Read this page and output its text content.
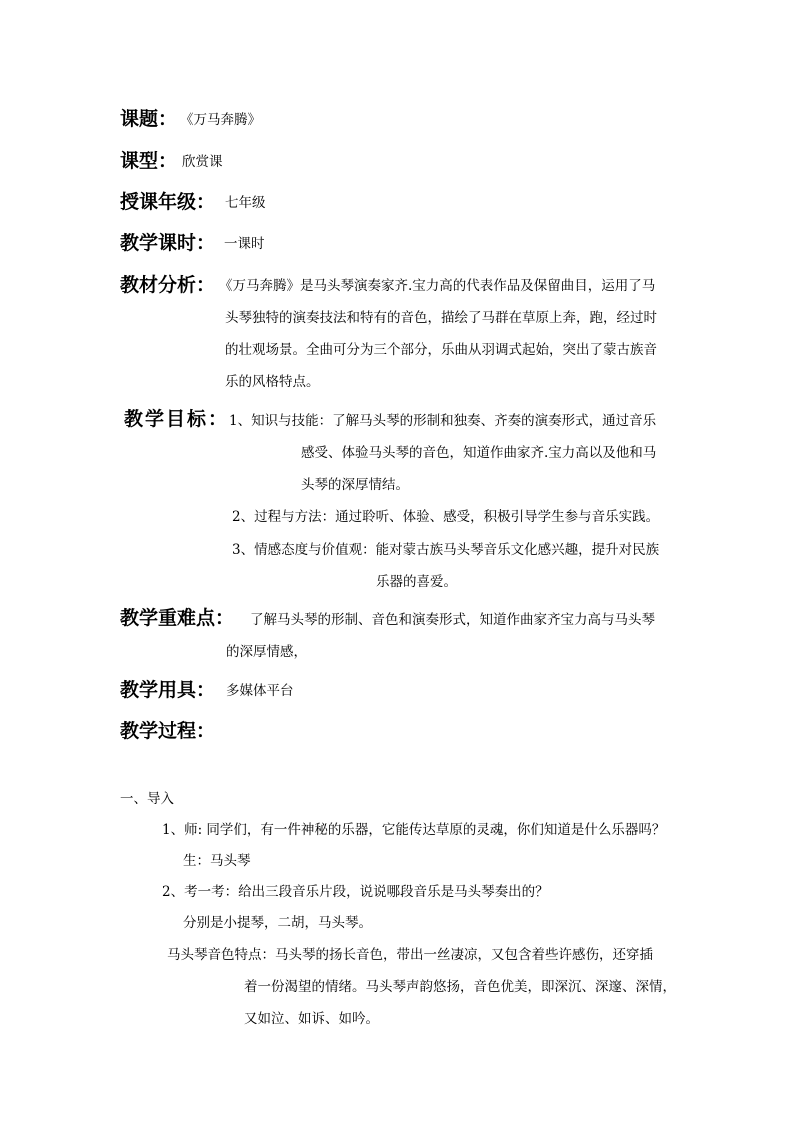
课题： 《万马奔腾》
课型： 欣赏课
授课年级： 七年级
教学课时： 一课时
教材分析： 《万马奔腾》是马头琴演奏家齐.宝力高的代表作品及保留曲目，运用了马
头琴独特的演奏技法和特有的音色，描绘了马群在草原上奔，跑，经过时
的壮观场景。全曲可分为三个部分，乐曲从羽调式起始，突出了蒙古族音
乐的风格特点。
教学目标： 1、知识与技能：了解马头琴的形制和独奏、齐奏的演奏形式，通过音乐
感受、体验马头琴的音色，知道作曲家齐.宝力高以及他和马
头琴的深厚情结。
2、过程与方法：通过聆听、体验、感受，积极引导学生参与音乐实践。
3、情感态度与价值观：能对蒙古族马头琴音乐文化感兴趣，提升对民族
乐器的喜爱。
教学重难点： 了解马头琴的形制、音色和演奏形式，知道作曲家齐宝力高与马头琴
的深厚情感，
教学用具： 多媒体平台
教学过程：
一、导入
1、师: 同学们，有一件神秘的乐器，它能传达草原的灵魂，你们知道是什么乐器吗？
生：马头琴
2、考一考：给出三段音乐片段，说说哪段音乐是马头琴奏出的？
分别是小提琴，二胡，马头琴。
马头琴音色特点：马头琴的扬长音色，带出一丝凄凉，又包含着些许感伤，还穿插
着一份渴望的情绪。马头琴声韵悠扬，音色优美，即深沉、深邃、深情，
又如泣、如诉、如吟。
